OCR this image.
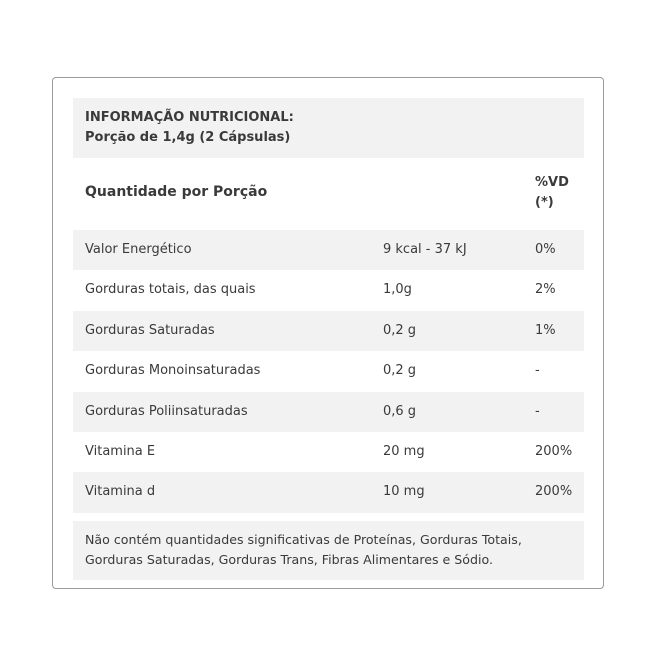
INFORMAÇÃO NUTRICIONAL:
Porção de 1,4g (2 Cápsulas)
Quantidade por Porção
%VD
(*)
Valor Energético	9 kcal - 37 kJ	0%
Gorduras totais, das quais	1,0g	2%
Gorduras Saturadas	0,2 g	1%
Gorduras Monoinsaturadas	0,2 g	-
Gorduras Poliinsaturadas	0,6 g	-
Vitamina E	20 mg	200%
Vitamina d	10 mg	200%
Não contém quantidades significativas de Proteínas, Gorduras Totais,
Gorduras Saturadas, Gorduras Trans, Fibras Alimentares e Sódio.
